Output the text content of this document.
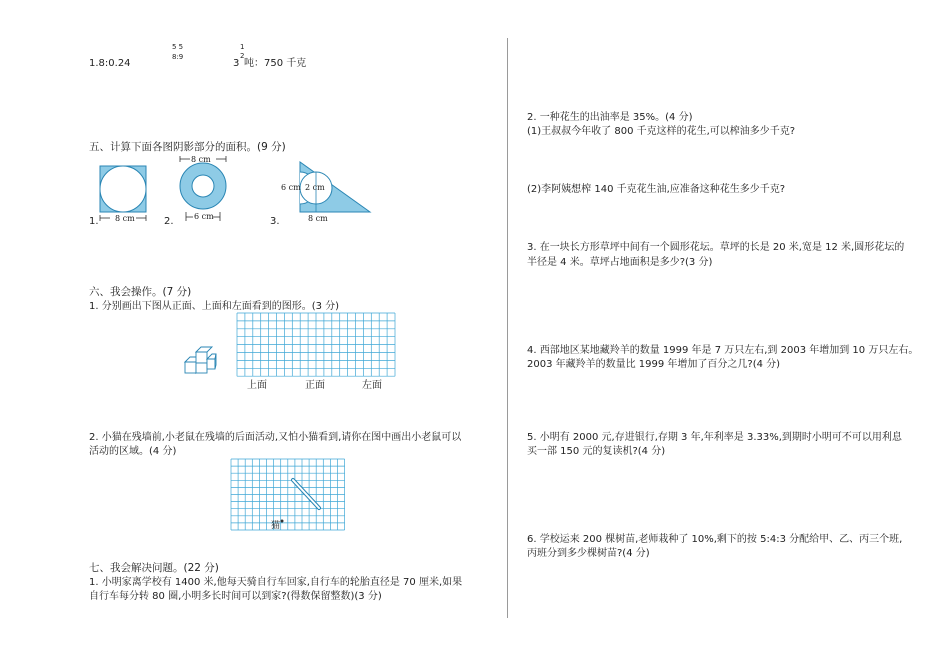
1.8:0.24
5 5
8:9
1
2
3 吨：750 千克
五、计算下面各图阴影部分的面积。(9 分)
1. 8 cm	2.
8 cm
6 cm	3.
6 cm 2 cm
8 cm
六、我会操作。(7 分)
1. 分别画出下图从正面、上面和左面看到的图形。(3 分)
上面	正面	左面
2. 小猫在残墙前,小老鼠在残墙的后面活动,又怕小猫看到,请你在图中画出小老鼠可以
活动的区域。(4 分)
猫
七、我会解决问题。(22 分)
1. 小明家离学校有 1400 米,他每天骑自行车回家,自行车的轮胎直径是 70 厘米,如果
自行车每分转 80 圈,小明多长时间可以到家?(得数保留整数)(3 分)
2. 一种花生的出油率是 35%。(4 分)
(1)王叔叔今年收了 800 千克这样的花生,可以榨油多少千克?
(2)李阿姨想榨 140 千克花生油,应准备这种花生多少千克?
3. 在一块长方形草坪中间有一个圆形花坛。草坪的长是 20 米,宽是 12 米,圆形花坛的
半径是 4 米。草坪占地面积是多少?(3 分)
4. 西部地区某地藏羚羊的数量 1999 年是 7 万只左右,到 2003 年增加到 10 万只左右。
2003 年藏羚羊的数量比 1999 年增加了百分之几?(4 分)
5. 小明有 2000 元,存进银行,存期 3 年,年利率是 3.33%,到期时小明可不可以用利息
买一部 150 元的复读机?(4 分)
6. 学校运来 200 棵树苗,老师栽种了 10%,剩下的按 5:4:3 分配给甲、乙、丙三个班,
丙班分到多少棵树苗?(4 分)
